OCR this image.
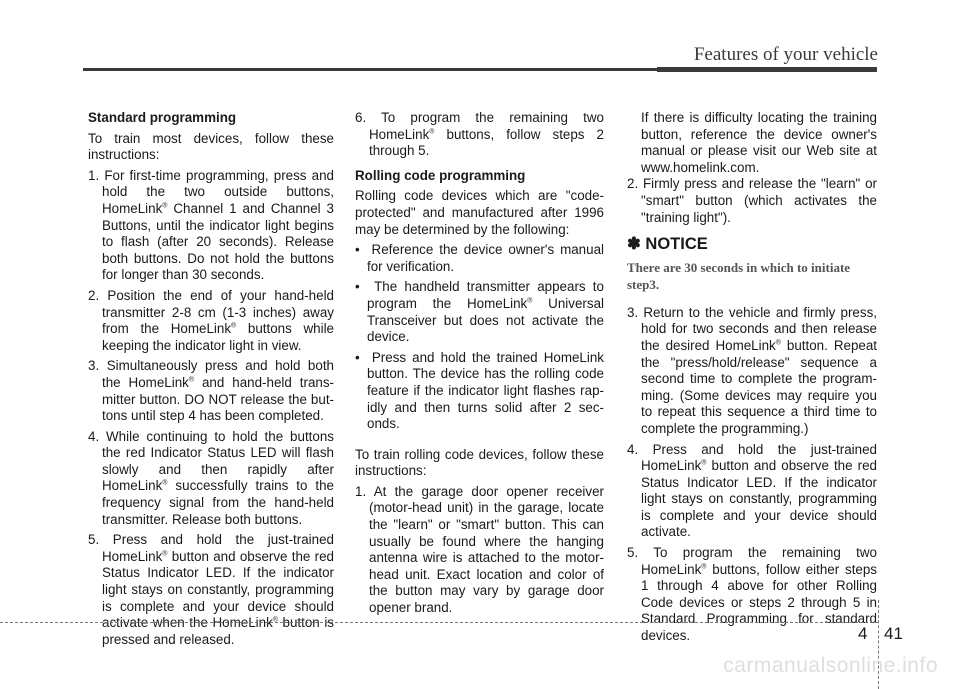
Features of your vehicle

Standard programming

To train most devices, follow these instructions:

1. For first-time programming, press and hold the two outside buttons, HomeLink® Channel 1 and Channel 3 Buttons, until the indicator light begins to flash (after 20 seconds). Release both buttons. Do not hold the buttons for longer than 30 seconds.

2. Position the end of your hand-held transmitter 2-8 cm (1-3 inches) away from the HomeLink® buttons while keeping the indicator light in view.

3. Simultaneously press and hold both the HomeLink® and hand-held trans-mitter button. DO NOT release the but-tons until step 4 has been completed.

4. While continuing to hold the buttons the red Indicator Status LED will flash slowly and then rapidly after HomeLink® successfully trains to the frequency signal from the hand-held transmitter. Release both buttons.

5. Press and hold the just-trained HomeLink® button and observe the red Status Indicator LED. If the indicator light stays on constantly, programming is complete and your device should activate when the HomeLink® button is pressed and released.

6. To program the remaining two HomeLink® buttons, follow steps 2 through 5.

Rolling code programming

Rolling code devices which are "code-protected" and manufactured after 1996 may be determined by the following:

•  Reference the device owner's manual for verification.

•  The handheld transmitter appears to program the HomeLink® Universal Transceiver but does not activate the device.

•  Press and hold the trained HomeLink button. The device has the rolling code feature if the indicator light flashes rap-idly and then turns solid after 2 sec-onds.

To train rolling code devices, follow these instructions:

1. At the garage door opener receiver (motor-head unit) in the garage, locate the "learn" or "smart" button. This can usually be found where the hanging antenna wire is attached to the motor-head unit. Exact location and color of the button may vary by garage door opener brand.

If there is difficulty locating the training button, reference the device owner's manual or please visit our Web site at www.homelink.com.

2. Firmly press and release the "learn" or "smart" button (which activates the "training light").

✽ NOTICE

There are 30 seconds in which to initiate step3.

3. Return to the vehicle and firmly press, hold for two seconds and then release the desired HomeLink® button. Repeat the "press/hold/release" sequence a second time to complete the program-ming. (Some devices may require you to repeat this sequence a third time to complete the programming.)

4. Press and hold the just-trained HomeLink® button and observe the red Status Indicator LED. If the indicator light stays on constantly, programming is complete and your device should activate.

5. To program the remaining two HomeLink® buttons, follow either steps 1 through 4 above for other Rolling Code devices or steps 2 through 5 in Standard Programming for standard devices.	4 41
carmanualsonline.info
